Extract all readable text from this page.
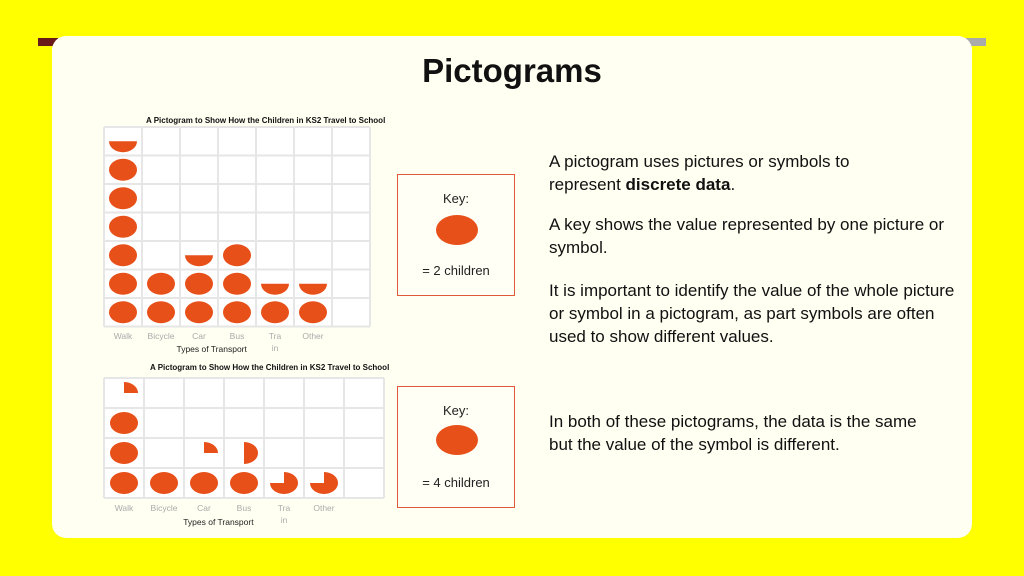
Pictograms
A Pictogram to Show How the Children in KS2 Travel to School
A Pictogram to Show How the Children in KS2 Travel to School
Walk Bicycle Car	Bus	Tra
in
Other
Types of Transport
Walk Bicycle Car	Bus	Tra
in
Other
Types of Transport
Key:
= 2 children
Key:
= 4 children
A pictogram uses pictures or symbols to represent discrete data.
A key shows the value represented by one picture or symbol.
It is important to identify the value of the whole picture or symbol in a pictogram, as part symbols are often used to show different values.
In both of these pictograms, the data is the same but the value of the symbol is different.
